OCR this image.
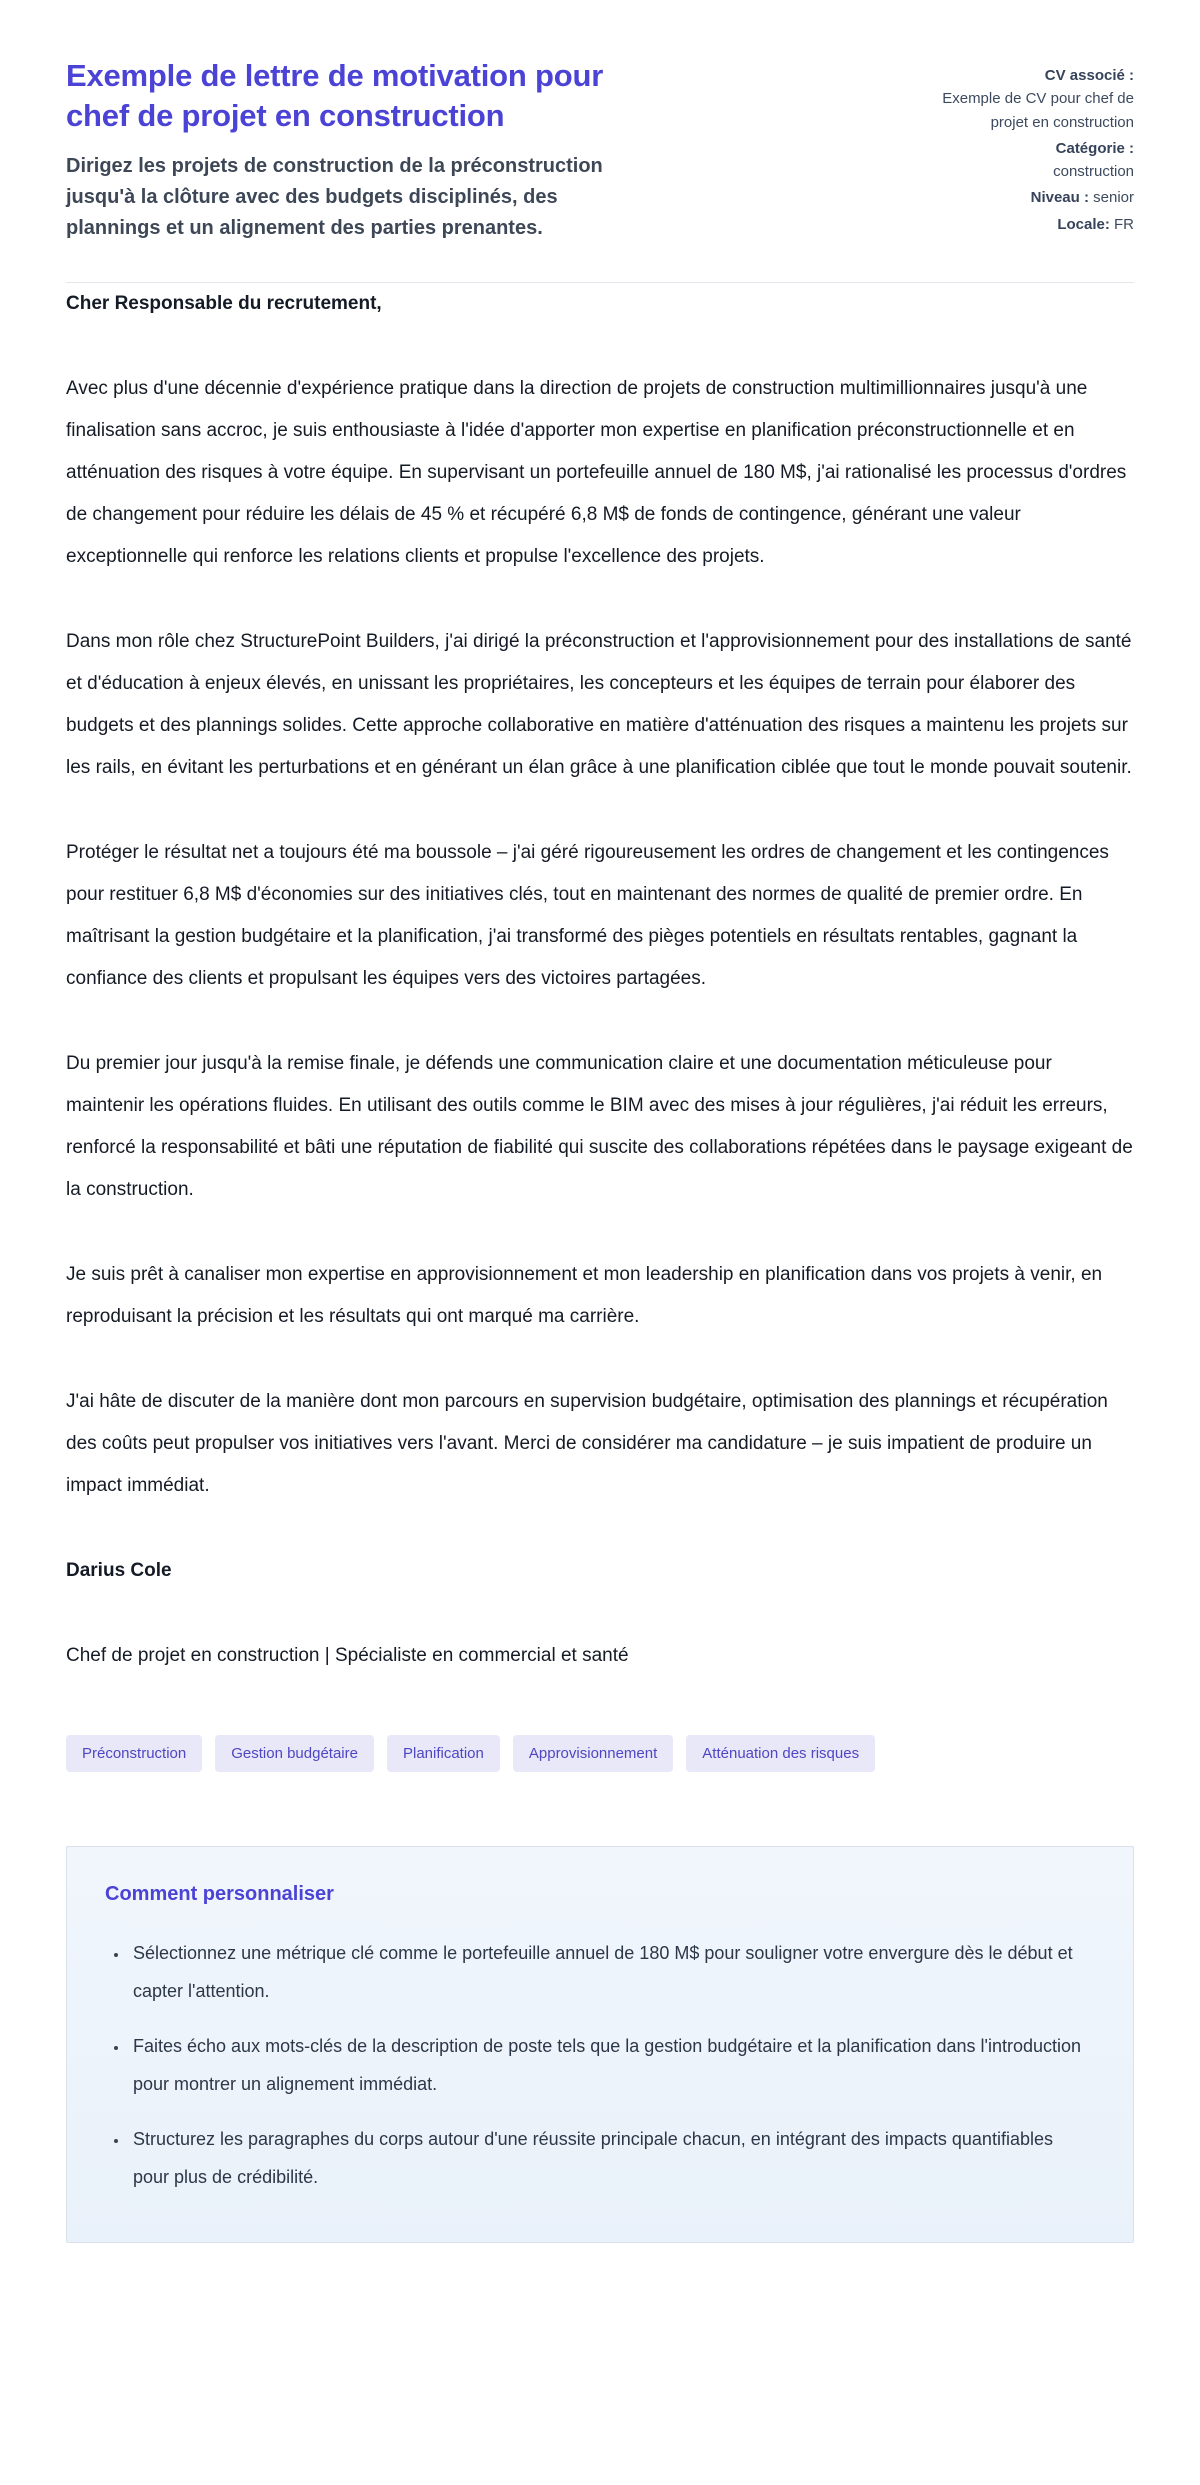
Exemple de lettre de motivation pour chef de projet en construction

Dirigez les projets de construction de la préconstruction jusqu'à la clôture avec des budgets disciplinés, des plannings et un alignement des parties prenantes.

CV associé :
Exemple de CV pour chef de projet en construction
Catégorie :
construction
Niveau : senior
Locale: FR

Cher Responsable du recrutement,

Avec plus d'une décennie d'expérience pratique dans la direction de projets de construction multimillionnaires jusqu'à une finalisation sans accroc, je suis enthousiaste à l'idée d'apporter mon expertise en planification préconstructionnelle et en atténuation des risques à votre équipe. En supervisant un portefeuille annuel de 180 M$, j'ai rationalisé les processus d'ordres de changement pour réduire les délais de 45 % et récupéré 6,8 M$ de fonds de contingence, générant une valeur exceptionnelle qui renforce les relations clients et propulse l'excellence des projets.

Dans mon rôle chez StructurePoint Builders, j'ai dirigé la préconstruction et l'approvisionnement pour des installations de santé et d'éducation à enjeux élevés, en unissant les propriétaires, les concepteurs et les équipes de terrain pour élaborer des budgets et des plannings solides. Cette approche collaborative en matière d'atténuation des risques a maintenu les projets sur les rails, en évitant les perturbations et en générant un élan grâce à une planification ciblée que tout le monde pouvait soutenir.

Protéger le résultat net a toujours été ma boussole – j'ai géré rigoureusement les ordres de changement et les contingences pour restituer 6,8 M$ d'économies sur des initiatives clés, tout en maintenant des normes de qualité de premier ordre. En maîtrisant la gestion budgétaire et la planification, j'ai transformé des pièges potentiels en résultats rentables, gagnant la confiance des clients et propulsant les équipes vers des victoires partagées.

Du premier jour jusqu'à la remise finale, je défends une communication claire et une documentation méticuleuse pour maintenir les opérations fluides. En utilisant des outils comme le BIM avec des mises à jour régulières, j'ai réduit les erreurs, renforcé la responsabilité et bâti une réputation de fiabilité qui suscite des collaborations répétées dans le paysage exigeant de la construction.

Je suis prêt à canaliser mon expertise en approvisionnement et mon leadership en planification dans vos projets à venir, en reproduisant la précision et les résultats qui ont marqué ma carrière.

J'ai hâte de discuter de la manière dont mon parcours en supervision budgétaire, optimisation des plannings et récupération des coûts peut propulser vos initiatives vers l'avant. Merci de considérer ma candidature – je suis impatient de produire un impact immédiat.

Darius Cole

Chef de projet en construction | Spécialiste en commercial et santé

Préconstruction	Gestion budgétaire	Planification	Approvisionnement	Atténuation des risques
Comment personnaliser
• Sélectionnez une métrique clé comme le portefeuille annuel de 180 M$ pour souligner votre envergure dès le début et capter l'attention.
• Faites écho aux mots-clés de la description de poste tels que la gestion budgétaire et la planification dans l'introduction pour montrer un alignement immédiat.
• Structurez les paragraphes du corps autour d'une réussite principale chacun, en intégrant des impacts quantifiables pour plus de crédibilité.
